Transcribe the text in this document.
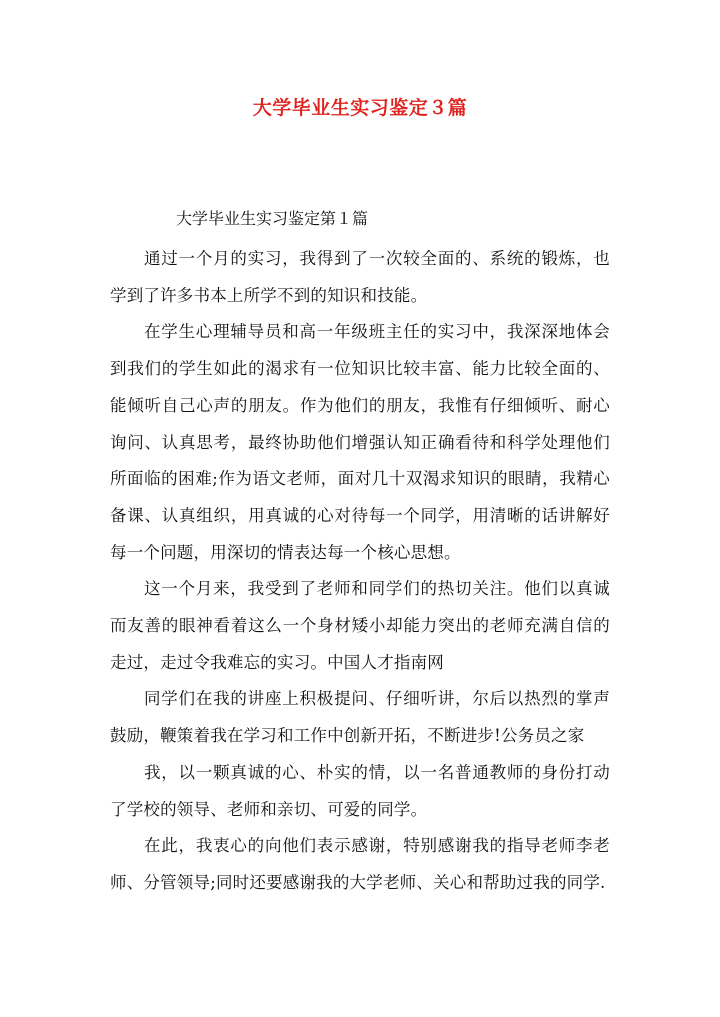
大学毕业生实习鉴定３篇
大学毕业生实习鉴定第１篇

通过一个月的实习，我得到了一次较全面的、系统的锻炼，也学到了许多书本上所学不到的知识和技能。

在学生心理辅导员和高一年级班主任的实习中，我深深地体会到我们的学生如此的渴求有一位知识比较丰富、能力比较全面的、能倾听自己心声的朋友。作为他们的朋友，我惟有仔细倾听、耐心询问、认真思考，最终协助他们增强认知正确看待和科学处理他们所面临的困难;作为语文老师，面对几十双渴求知识的眼睛，我精心备课、认真组织，用真诚的心对待每一个同学，用清晰的话讲解好每一个问题，用深切的情表达每一个核心思想。

这一个月来，我受到了老师和同学们的热切关注。他们以真诚而友善的眼神看着这么一个身材矮小却能力突出的老师充满自信的走过，走过令我难忘的实习。中国人才指南网

同学们在我的讲座上积极提问、仔细听讲，尔后以热烈的掌声鼓励，鞭策着我在学习和工作中创新开拓，不断进步!公务员之家

我，以一颗真诚的心、朴实的情，以一名普通教师的身份打动了学校的领导、老师和亲切、可爱的同学。

在此，我衷心的向他们表示感谢，特别感谢我的指导老师李老师、分管领导;同时还要感谢我的大学老师、关心和帮助过我的同学.
